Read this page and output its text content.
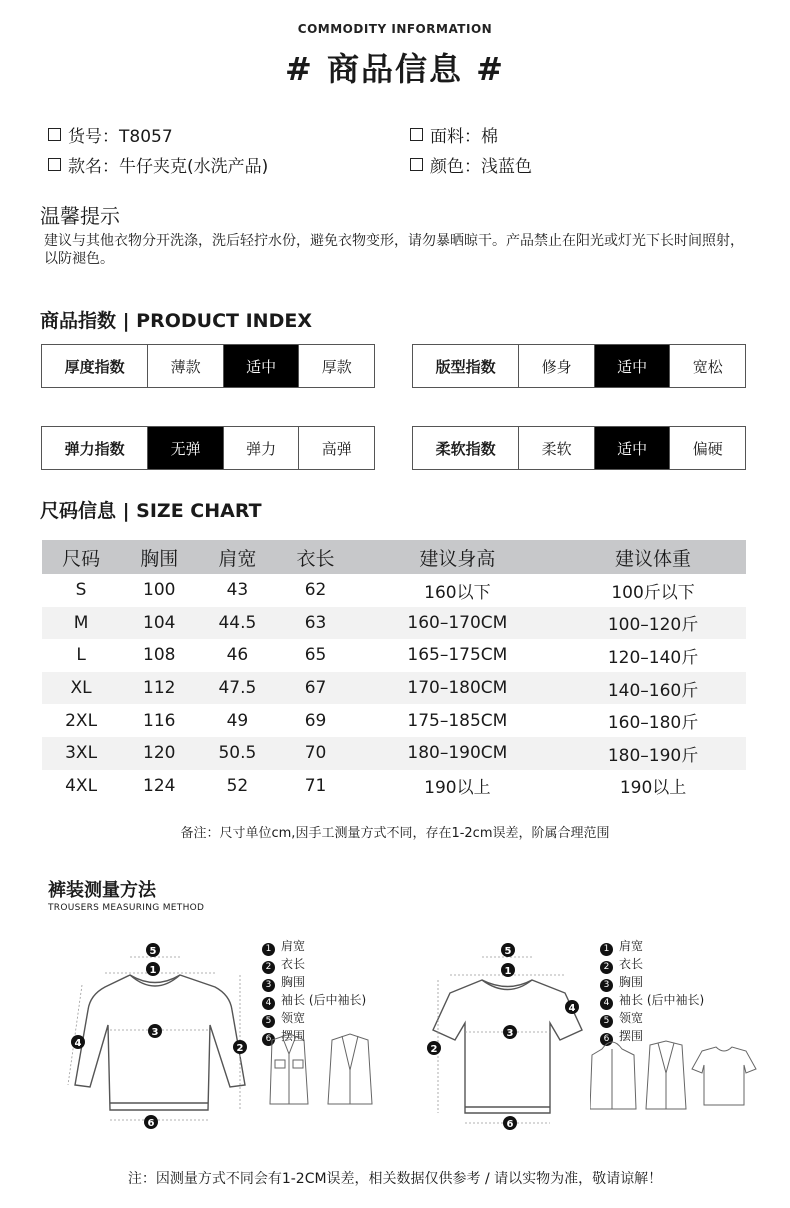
COMMODITY INFORMATION
# 商品信息 #
货号：T8057	面料：棉
款名：牛仔夹克(水洗产品)	颜色：浅蓝色
温馨提示
建议与其他衣物分开洗涤，洗后轻拧水份，避免衣物变形，请勿暴晒晾干。产品禁止在阳光或灯光下长时间照射，以防褪色。
商品指数 | PRODUCT INDEX
厚度指数	薄款	适中	厚款	版型指数	修身	适中	宽松
弹力指数	无弹	弹力	高弹	柔软指数	柔软	适中	偏硬
尺码信息 | SIZE CHART
尺码	胸围	肩宽	衣长	建议身高	建议体重
S	100	43	62	160以下	100斤以下
M	104	44.5	63	160–170CM	100–120斤
L	108	46	65	165–175CM	120–140斤
XL	112	47.5	67	170–180CM	140–160斤
2XL	116	49	69	175–185CM	160–180斤
3XL	120	50.5	70	180–190CM	180–190斤
4XL	124	52	71	190以上	190以上
备注：尺寸单位cm,因手工测量方式不同，存在1-2cm误差，阶属合理范围
裤装测量方法
TROUSERS MEASURING METHOD
5
1
3
4	2
6
1 肩宽
2 衣长
3 胸围
4 袖长 (后中袖长)
5 领宽
6 摆围
5
1
3
4
2
6
1 肩宽
2 衣长
3 胸围
4 袖长 (后中袖长)
5 领宽
6 摆围
注：因测量方式不同会有1-2CM误差，相关数据仅供参考 / 请以实物为准，敬请谅解！
